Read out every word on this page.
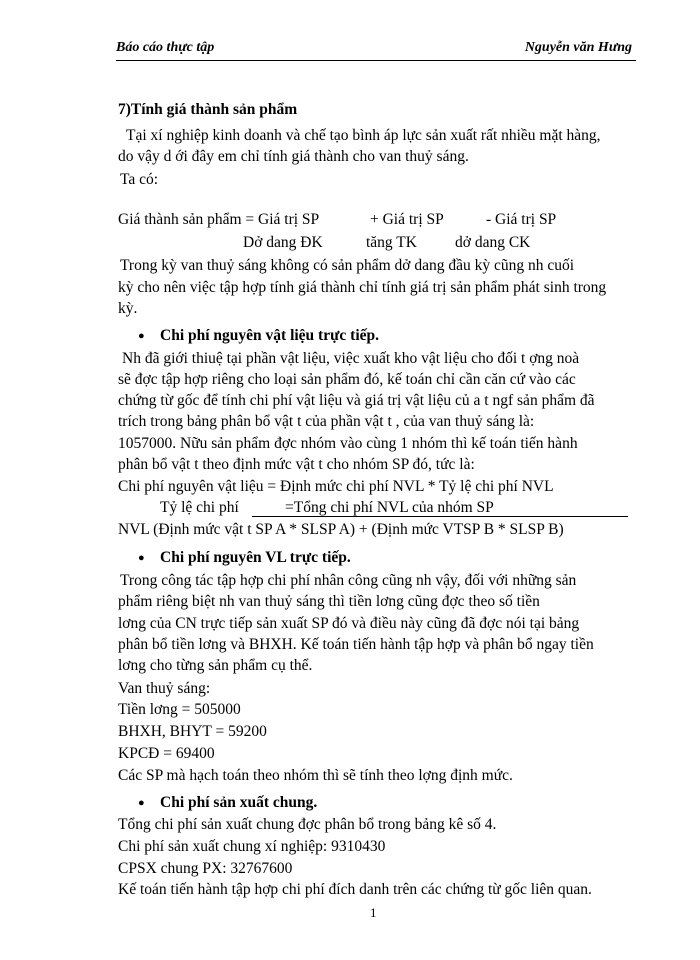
Báo cáo thực tập	Nguyễn văn Hưng
7)Tính giá thành sản phẩm
Tại xí nghiệp kinh doanh và chế tạo bình áp lực sản xuất rất nhiều mặt hàng,
do vậy d ới đây em chỉ tính giá thành cho van thuỷ sáng.
Ta có:
Giá thành sản phẩm = Giá trị SP	+ Giá trị SP	- Giá trị SP
Dở dang ĐK	tăng TK dở dang CK
Trong kỳ van thuỷ sáng không có sản phẩm dở dang đầu kỳ cũng nh cuối
kỳ cho nên việc tập hợp tính giá thành chỉ tính giá trị sản phẩm phát sinh trong
kỳ.
● Chi phí nguyên vật liệu trực tiếp.
Nh đã giới thiuệ tại phần vật liệu, việc xuất kho vật liệu cho đối t ợng noà
sẽ đợc tập hợp riêng cho loại sản phẩm đó, kế toán chỉ cần căn cứ vào các
chứng từ gốc để tính chi phí vật liệu và giá trị vật liệu củ a t ngf sản phẩm đã
trích trong bảng phân bổ vật t của phần vật t , của van thuỷ sáng là:
1057000. Nữu sản phẩm đợc nhóm vào cùng 1 nhóm thì kế toán tiến hành
phân bổ vật t theo định mức vật t cho nhóm SP đó, tức là:
Chi phí nguyên vật liệu = Định mức chi phí NVL * Tỷ lệ chi phí NVL
Tỷ lệ chi phí	=Tổng chi phí NVL của nhóm SP
NVL (Định mức vật t SP A * SLSP A) + (Định mức VTSP B * SLSP B)
● Chi phí nguyên VL trực tiếp.
Trong công tác tập hợp chi phí nhân công cũng nh vậy, đối với những sản
phẩm riêng biệt nh van thuỷ sáng thì tiền lơng cũng đợc theo số tiền
lơng của CN trực tiếp sản xuất SP đó và điều này cũng đã đợc nói tại bảng
phân bổ tiền lơng và BHXH. Kế toán tiến hành tập hợp và phân bổ ngay tiền
lơng cho từng sản phẩm cụ thể.
Van thuỷ sáng:
Tiền lơng = 505000
BHXH, BHYT = 59200
KPCĐ = 69400
Các SP mà hạch toán theo nhóm thì sẽ tính theo lợng định mức.
● Chi phí sản xuất chung.
Tổng chi phí sản xuất chung đợc phân bổ trong bảng kê số 4.
Chi phí sản xuất chung xí nghiệp: 9310430
CPSX chung PX: 32767600
Kế toán tiến hành tập hợp chi phí đích danh trên các chứng từ gốc liên quan.
1
